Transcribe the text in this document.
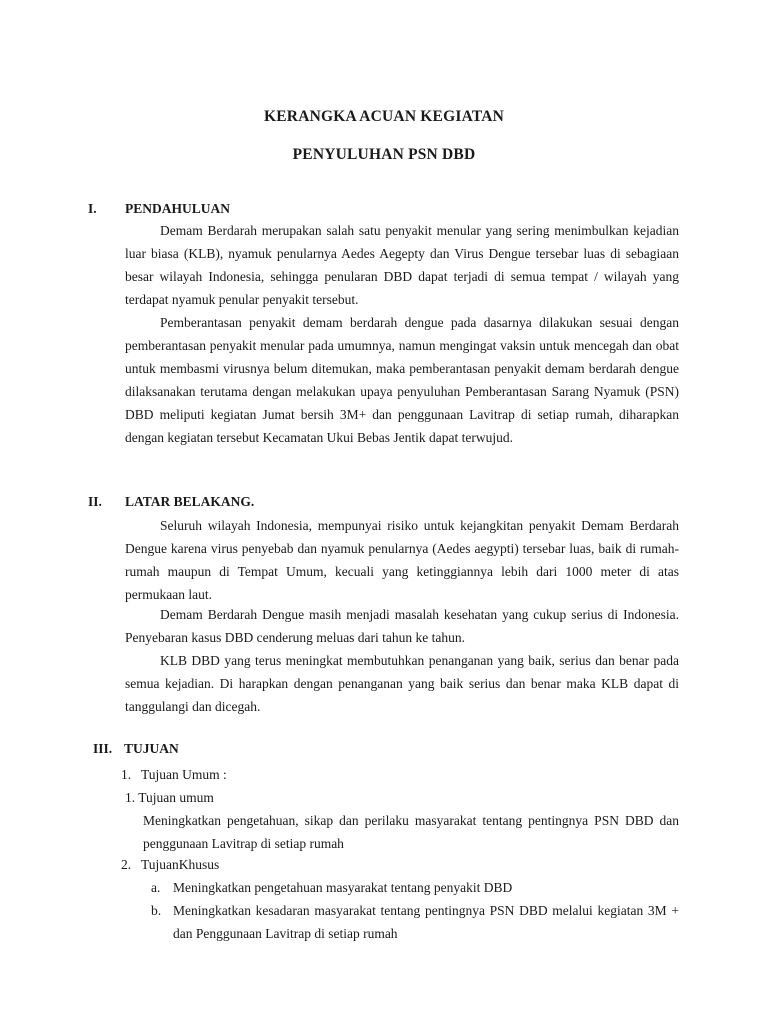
KERANGKA ACUAN KEGIATAN
PENYULUHAN PSN DBD
I. PENDAHULUAN

Demam Berdarah merupakan salah satu penyakit menular yang sering menimbulkan kejadian luar biasa (KLB), nyamuk penularnya Aedes Aegepty dan Virus Dengue tersebar luas di sebagiaan besar wilayah Indonesia, sehingga penularan DBD dapat terjadi di semua tempat / wilayah yang terdapat nyamuk penular penyakit tersebut.

Pemberantasan penyakit demam berdarah dengue pada dasarnya dilakukan sesuai dengan pemberantasan penyakit menular pada umumnya, namun mengingat vaksin untuk mencegah dan obat untuk membasmi virusnya belum ditemukan, maka pemberantasan penyakit demam berdarah dengue dilaksanakan terutama dengan melakukan upaya penyuluhan Pemberantasan Sarang Nyamuk (PSN) DBD meliputi kegiatan Jumat bersih 3M+ dan penggunaan Lavitrap di setiap rumah, diharapkan dengan kegiatan tersebut Kecamatan Ukui Bebas Jentik dapat terwujud.

II. LATAR BELAKANG.

Seluruh wilayah Indonesia, mempunyai risiko untuk kejangkitan penyakit Demam Berdarah Dengue karena virus penyebab dan nyamuk penularnya (Aedes aegypti) tersebar luas, baik di rumah-rumah maupun di Tempat Umum, kecuali yang ketinggiannya lebih dari 1000 meter di atas permukaan laut.

Demam Berdarah Dengue masih menjadi masalah kesehatan yang cukup serius di Indonesia. Penyebaran kasus DBD cenderung meluas dari tahun ke tahun.

KLB DBD yang terus meningkat membutuhkan penanganan yang baik, serius dan benar pada semua kejadian. Di harapkan dengan penanganan yang baik serius dan benar maka KLB dapat di tanggulangi dan dicegah.

III. TUJUAN
1.   Tujuan Umum :
1. Tujuan umum

Meningkatkan pengetahuan, sikap dan perilaku masyarakat tentang pentingnya PSN DBD dan penggunaan Lavitrap di setiap rumah

2.   TujuanKhusus
a. Meningkatkan pengetahuan masyarakat tentang penyakit DBD

b. Meningkatkan kesadaran masyarakat tentang pentingnya PSN DBD melalui kegiatan 3M + dan Penggunaan Lavitrap di setiap rumah
